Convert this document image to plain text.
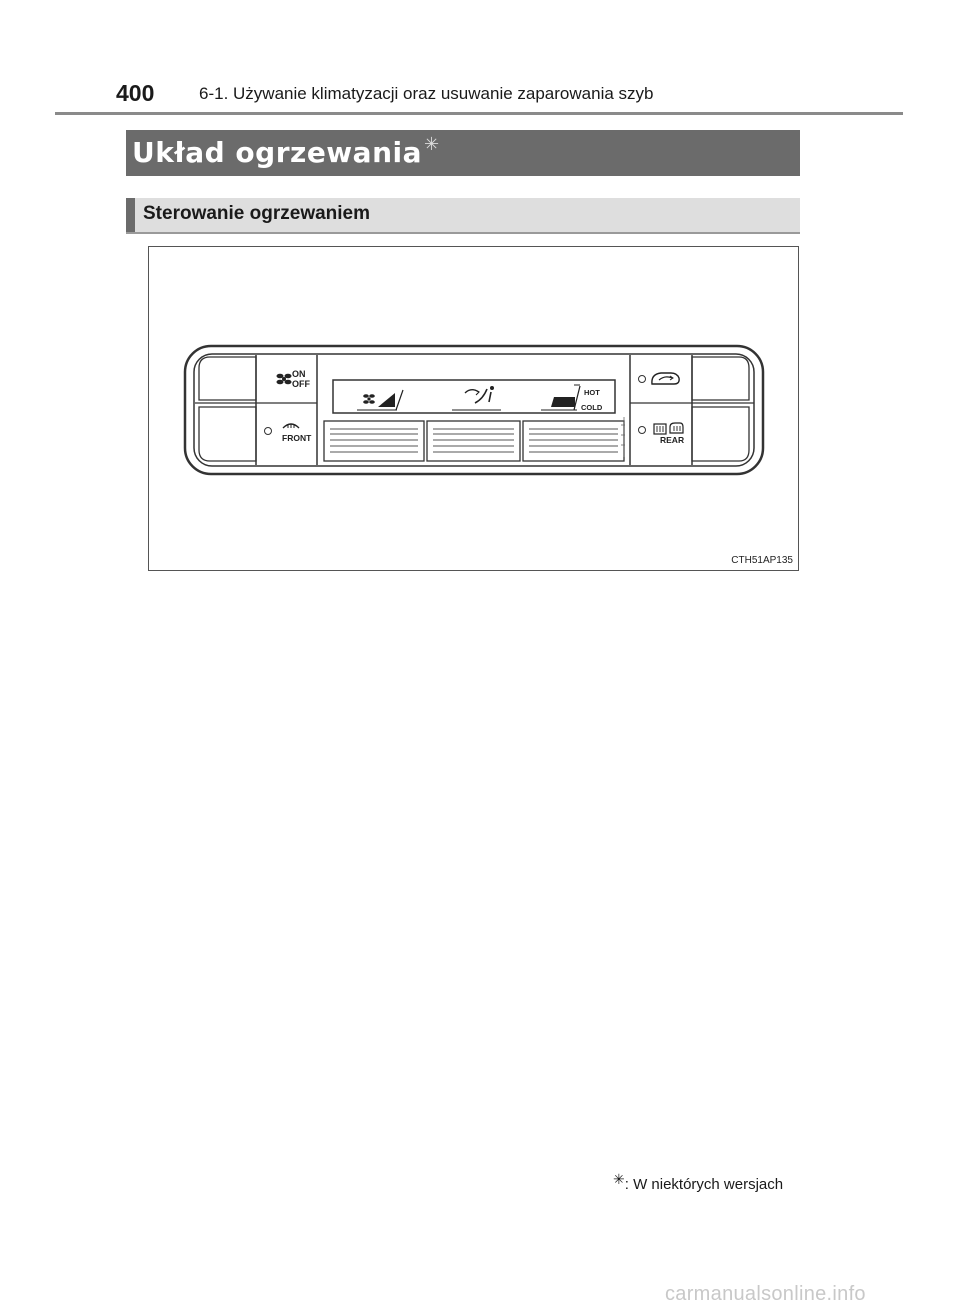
400	6-1. Używanie klimatyzacji oraz usuwanie zaparowania szyb
Układ ogrzewania ✳
Sterowanie ogrzewaniem
ON
OFF
FRONT
HOT
COLD
REAR
CTH51AP135
✳: W niektórych wersjach
carmanualsonline.info
